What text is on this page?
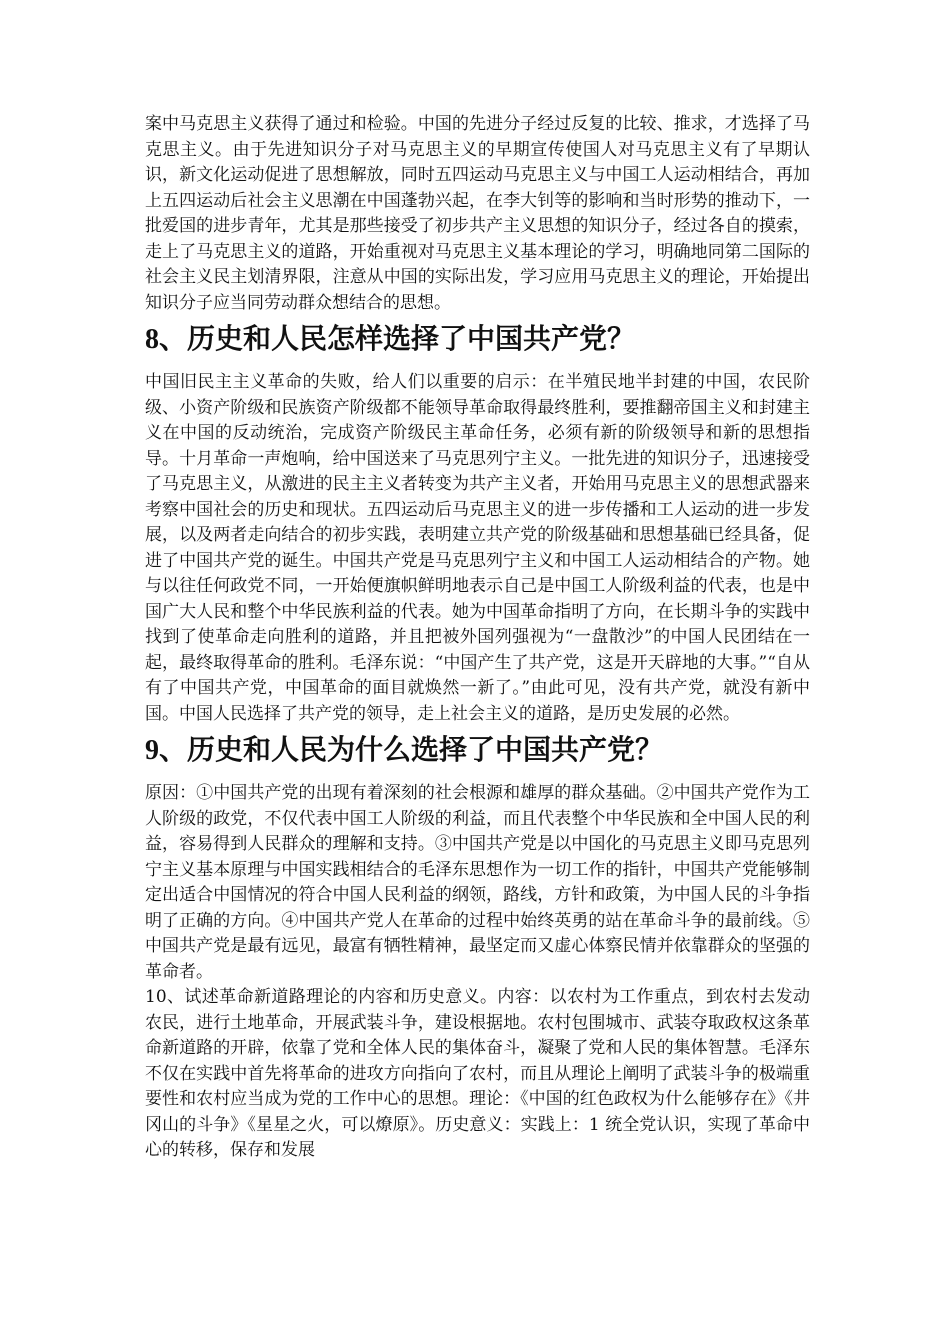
案中马克思主义获得了通过和检验。中国的先进分子经过反复的比较、推求，才选择了马克思主义。由于先进知识分子对马克思主义的早期宣传使国人对马克思主义有了早期认识，新文化运动促进了思想解放，同时五四运动马克思主义与中国工人运动相结合，再加上五四运动后社会主义思潮在中国蓬勃兴起，在李大钊等的影响和当时形势的推动下，一批爱国的进步青年，尤其是那些接受了初步共产主义思想的知识分子，经过各自的摸索，走上了马克思主义的道路，开始重视对马克思主义基本理论的学习，明确地同第二国际的社会主义民主划清界限，注意从中国的实际出发，学习应用马克思主义的理论，开始提出知识分子应当同劳动群众想结合的思想。

8、历史和人民怎样选择了中国共产党？

中国旧民主主义革命的失败，给人们以重要的启示：在半殖民地半封建的中国，农民阶级、小资产阶级和民族资产阶级都不能领导革命取得最终胜利，要推翻帝国主义和封建主义在中国的反动统治，完成资产阶级民主革命任务，必须有新的阶级领导和新的思想指导。十月革命一声炮响，给中国送来了马克思列宁主义。一批先进的知识分子，迅速接受了马克思主义，从激进的民主主义者转变为共产主义者，开始用马克思主义的思想武器来考察中国社会的历史和现状。五四运动后马克思主义的进一步传播和工人运动的进一步发展，以及两者走向结合的初步实践，表明建立共产党的阶级基础和思想基础已经具备，促进了中国共产党的诞生。中国共产党是马克思列宁主义和中国工人运动相结合的产物。她与以往任何政党不同，一开始便旗帜鲜明地表示自己是中国工人阶级利益的代表，也是中国广大人民和整个中华民族利益的代表。她为中国革命指明了方向，在长期斗争的实践中找到了使革命走向胜利的道路，并且把被外国列强视为“一盘散沙”的中国人民团结在一起，最终取得革命的胜利。毛泽东说：“中国产生了共产党，这是开天辟地的大事。”“自从有了中国共产党，中国革命的面目就焕然一新了。”由此可见，没有共产党，就没有新中国。中国人民选择了共产党的领导，走上社会主义的道路，是历史发展的必然。

9、历史和人民为什么选择了中国共产党？

原因：①中国共产党的出现有着深刻的社会根源和雄厚的群众基础。②中国共产党作为工人阶级的政党，不仅代表中国工人阶级的利益，而且代表整个中华民族和全中国人民的利益，容易得到人民群众的理解和支持。③中国共产党是以中国化的马克思主义即马克思列宁主义基本原理与中国实践相结合的毛泽东思想作为一切工作的指针，中国共产党能够制定出适合中国情况的符合中国人民利益的纲领，路线，方针和政策，为中国人民的斗争指明了正确的方向。④中国共产党人在革命的过程中始终英勇的站在革命斗争的最前线。⑤中国共产党是最有远见，最富有牺牲精神，最坚定而又虚心体察民情并依靠群众的坚强的革命者。

10、试述革命新道路理论的内容和历史意义。内容：以农村为工作重点，到农村去发动农民，进行土地革命，开展武装斗争，建设根据地。农村包围城市、武装夺取政权这条革命新道路的开辟，依靠了党和全体人民的集体奋斗，凝聚了党和人民的集体智慧。毛泽东不仅在实践中首先将革命的进攻方向指向了农村，而且从理论上阐明了武装斗争的极端重要性和农村应当成为党的工作中心的思想。理论：《中国的红色政权为什么能够存在》《井冈山的斗争》《星星之火，可以燎原》。历史意义：实践上：1 统全党认识，实现了革命中心的转移，保存和发展
